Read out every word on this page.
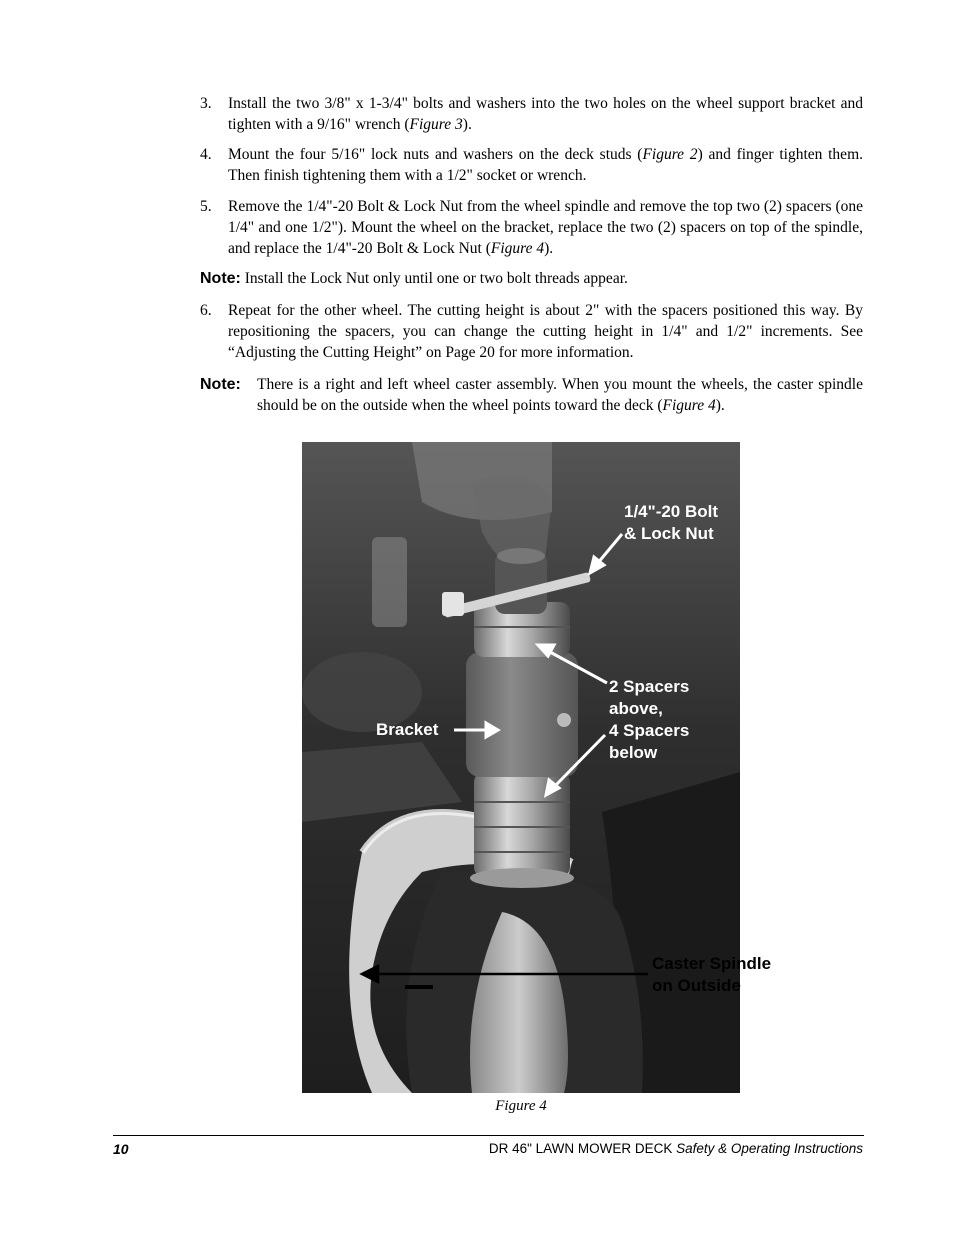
3. Install the two 3/8" x 1-3/4" bolts and washers into the two holes on the wheel support bracket and tighten with a 9/16" wrench (Figure 3).
4. Mount the four 5/16" lock nuts and washers on the deck studs (Figure 2) and finger tighten them. Then finish tightening them with a 1/2" socket or wrench.
5. Remove the 1/4"-20 Bolt & Lock Nut from the wheel spindle and remove the top two (2) spacers (one 1/4" and one 1/2"). Mount the wheel on the bracket, replace the two (2) spacers on top of the spindle, and replace the 1/4"-20 Bolt & Lock Nut (Figure 4).
Note: Install the Lock Nut only until one or two bolt threads appear.
6. Repeat for the other wheel. The cutting height is about 2" with the spacers positioned this way. By repositioning the spacers, you can change the cutting height in 1/4" and 1/2" increments. See “Adjusting the Cutting Height” on Page 20 for more information.
Note: There is a right and left wheel caster assembly. When you mount the wheels, the caster spindle should be on the outside when the wheel points toward the deck (Figure 4).
1/4"-20 Bolt
& Lock Nut
2 Spacers
above,
4 Spacers
below
Bracket
Caster Spindle
on Outside
Figure 4
10	DR 46" LAWN MOWER DECK Safety & Operating Instructions
